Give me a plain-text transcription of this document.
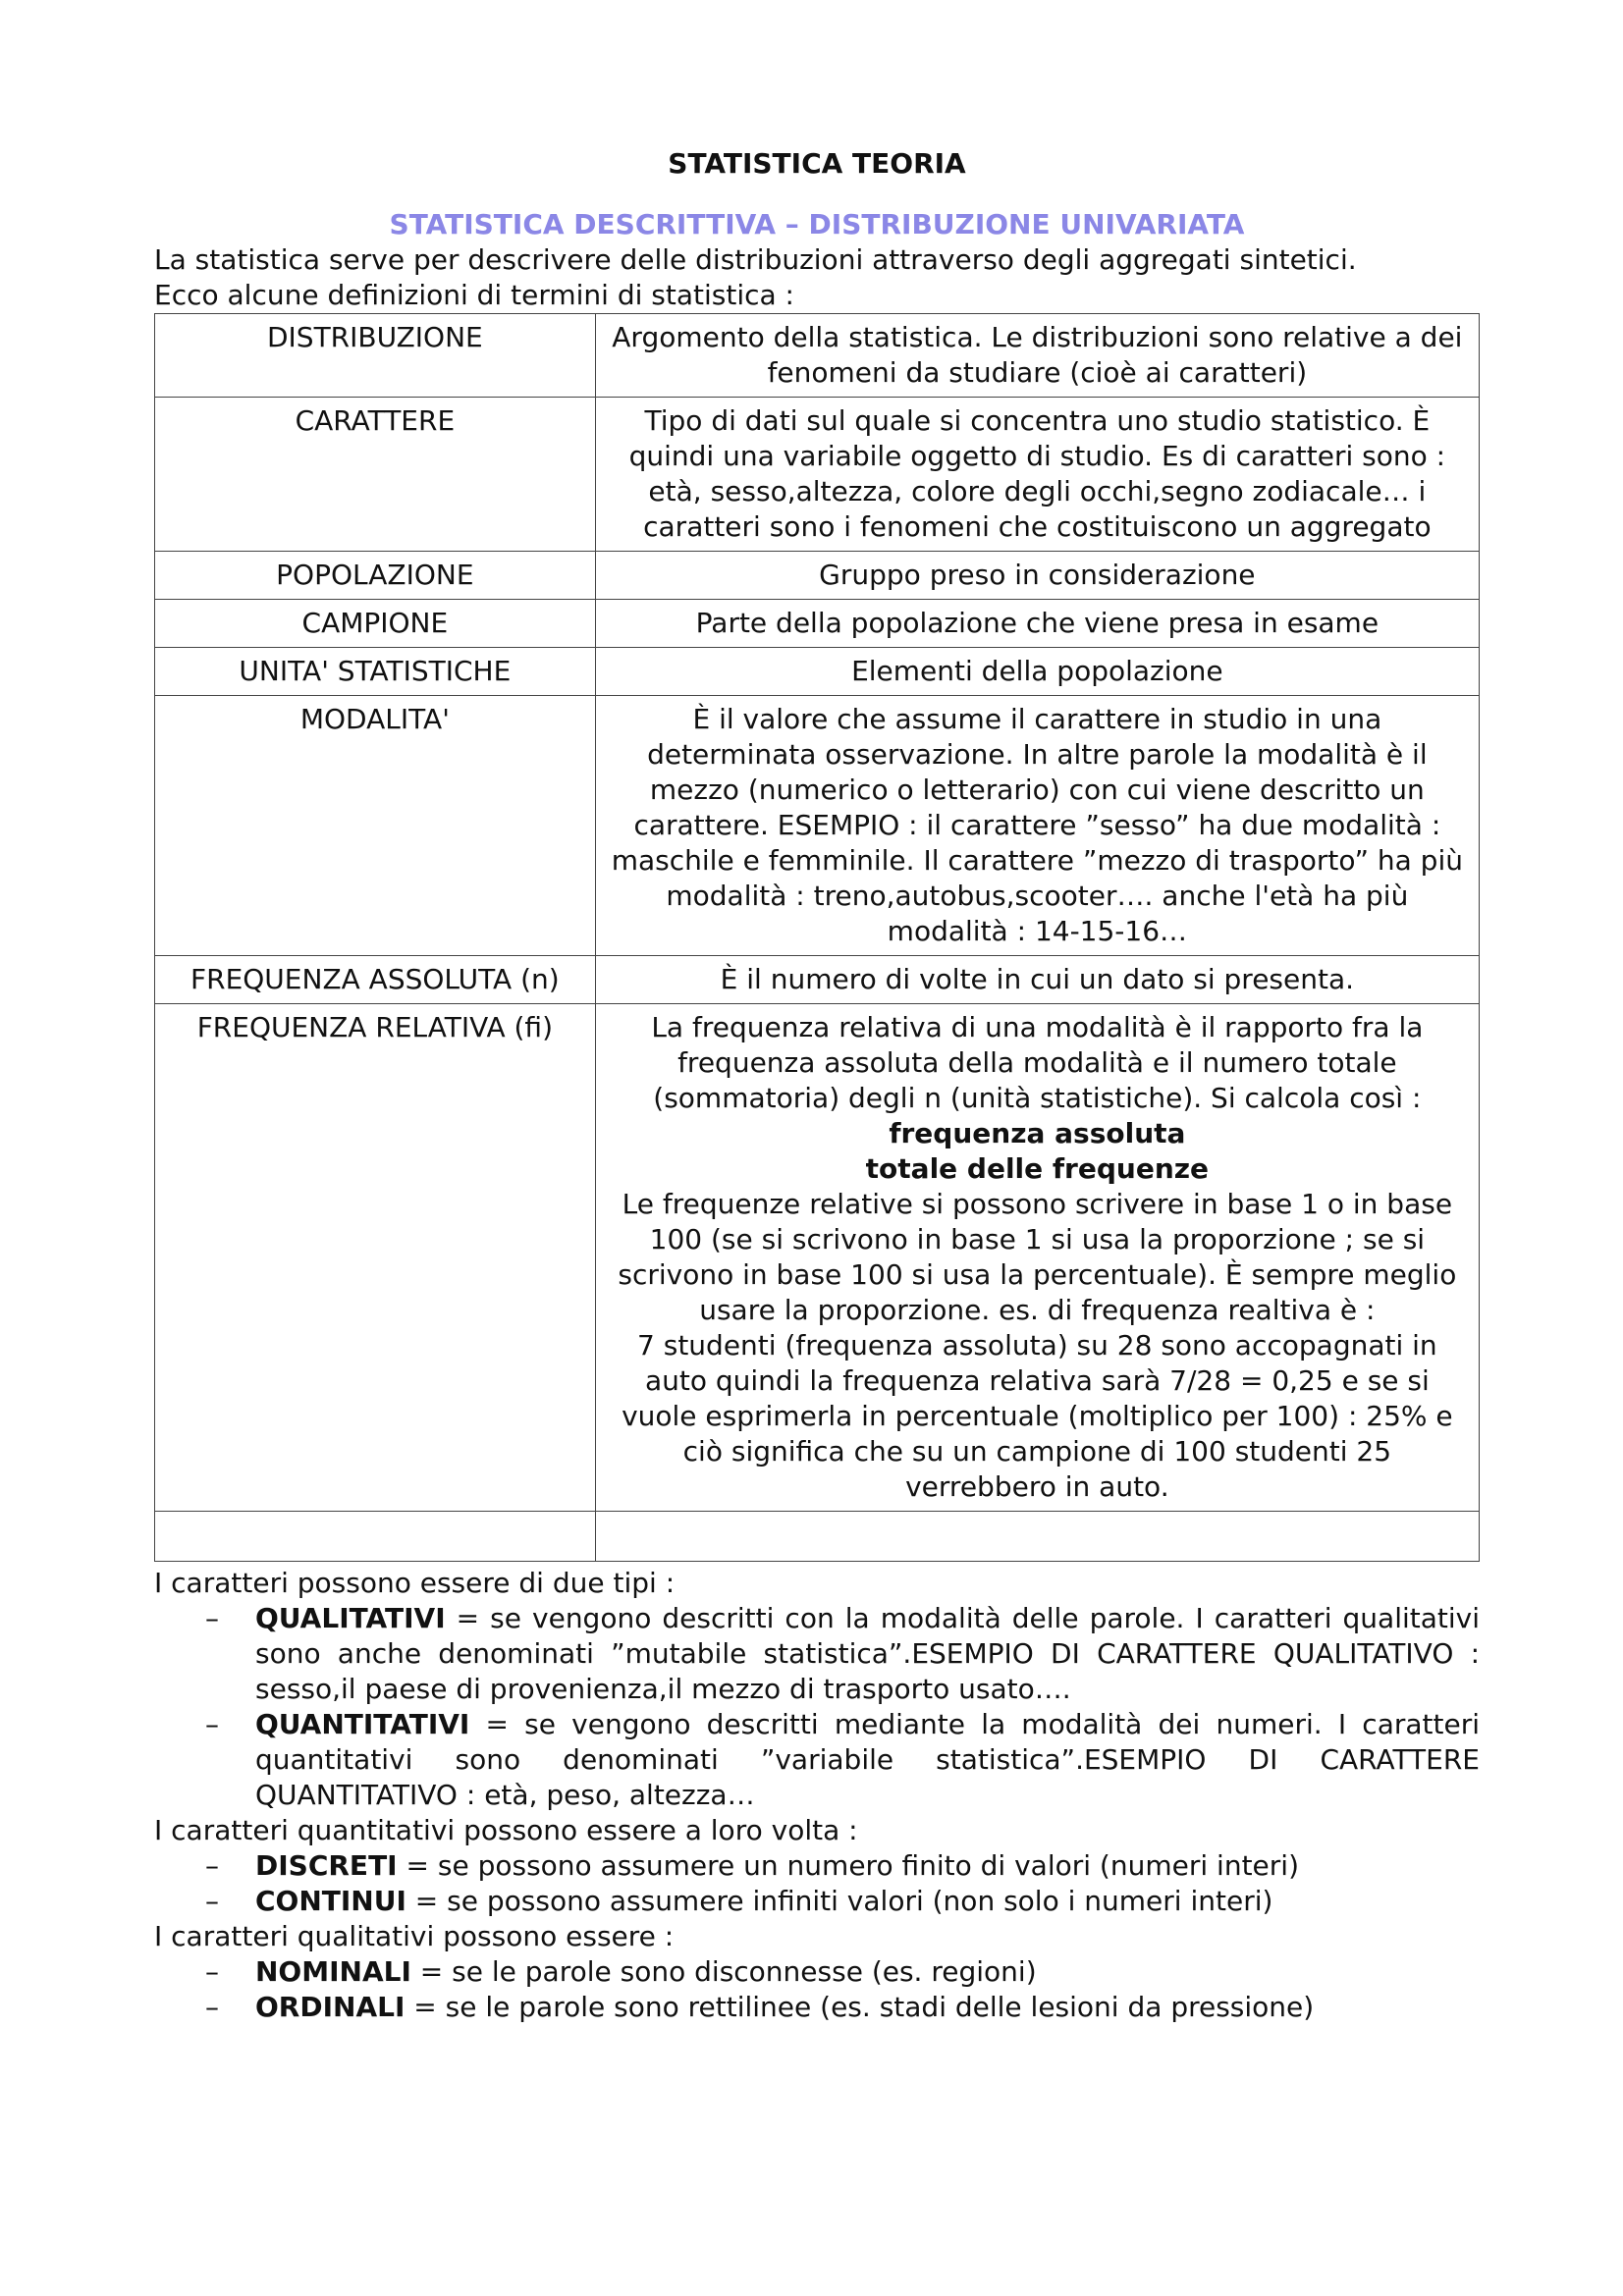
STATISTICA TEORIA

STATISTICA DESCRITTIVA – DISTRIBUZIONE UNIVARIATA

La statistica serve per descrivere delle distribuzioni attraverso degli aggregati sintetici.

Ecco alcune definizioni di termini di statistica :

DISTRIBUZIONE	Argomento della statistica. Le distribuzioni sono relative a dei fenomeni da studiare (cioè ai caratteri)
CARATTERE	Tipo di dati sul quale si concentra uno studio statistico. È quindi una variabile oggetto di studio. Es di caratteri sono : età, sesso,altezza, colore degli occhi,segno zodiacale… i caratteri sono i fenomeni che costituiscono un aggregato
POPOLAZIONE	Gruppo preso in considerazione
CAMPIONE	Parte della popolazione che viene presa in esame
UNITA' STATISTICHE	Elementi della popolazione
MODALITA'	È il valore che assume il carattere in studio in una determinata osservazione. In altre parole la modalità è il mezzo (numerico o letterario) con cui viene descritto un carattere. ESEMPIO : il carattere ”sesso” ha due modalità : maschile e femminile. Il carattere ”mezzo di trasporto” ha più modalità : treno,autobus,scooter…. anche l'età ha più modalità : 14-15-16…
FREQUENZA ASSOLUTA (n)	È il numero di volte in cui un dato si presenta.
FREQUENZA RELATIVA (fi)	La frequenza relativa di una modalità è il rapporto fra la frequenza assoluta della modalità e il numero totale (sommatoria) degli n (unità statistiche). Si calcola così :
frequenza assoluta
totale delle frequenze
Le frequenze relative si possono scrivere in base 1 o in base 100 (se si scrivono in base 1 si usa la proporzione ; se si scrivono in base 100 si usa la percentuale). È sempre meglio usare la proporzione. es. di frequenza realtiva è :
7 studenti (frequenza assoluta) su 28 sono accopagnati in auto quindi la frequenza relativa sarà 7/28 = 0,25 e se si vuole esprimerla in percentuale (moltiplico per 100) : 25% e ciò significa che su un campione di 100 studenti 25 verrebbero in auto.

I caratteri possono essere di due tipi :

– QUALITATIVI = se vengono descritti con la modalità delle parole. I caratteri qualitativi sono anche denominati ”mutabile statistica”.ESEMPIO DI CARATTERE QUALITATIVO : sesso,il paese di provenienza,il mezzo di trasporto usato….
– QUANTITATIVI = se vengono descritti mediante la modalità dei numeri. I caratteri quantitativi sono denominati ”variabile statistica”.ESEMPIO DI CARATTERE QUANTITATIVO : età, peso, altezza…

I caratteri quantitativi possono essere a loro volta :

– DISCRETI = se possono assumere un numero finito di valori (numeri interi)
– CONTINUI = se possono assumere infiniti valori (non solo i numeri interi)

I caratteri qualitativi possono essere :

– NOMINALI = se le parole sono disconnesse (es. regioni)
– ORDINALI = se le parole sono rettilinee (es. stadi delle lesioni da pressione)
